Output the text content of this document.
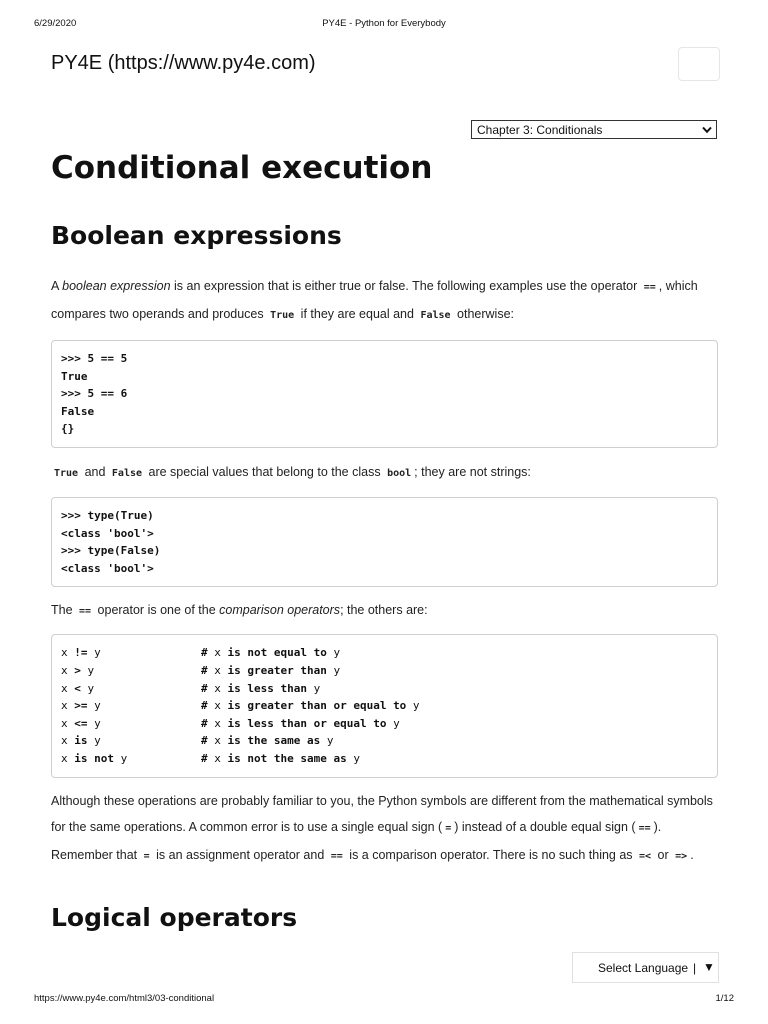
6/29/2020	PY4E - Python for Everybody
PY4E (https://www.py4e.com)
Chapter 3: Conditionals
Conditional execution
Boolean expressions

A boolean expression is an expression that is either true or false. The following examples use the operator == , which compares two operands and produces True if they are equal and False otherwise:

>>> 5 == 5
True
>>> 5 == 6
False
{}

True and False are special values that belong to the class bool ; they are not strings:

>>> type(True)
<class 'bool'>
>>> type(False)
<class 'bool'>

The == operator is one of the comparison operators; the others are:

x != y	# x is not equal to y
x > y	# x is greater than y
x < y	# x is less than y
x >= y	# x is greater than or equal to y
x <= y	# x is less than or equal to y
x is y	# x is the same as y
x is not y	# x is not the same as y

Although these operations are probably familiar to you, the Python symbols are different from the mathematical symbols for the same operations. A common error is to use a single equal sign ( = ) instead of a double equal sign ( == ). Remember that = is an assignment operator and == is a comparison operator. There is no such thing as =< or => .

Logical operators
Select Language | ▼
https://www.py4e.com/html3/03-conditional	1/12
